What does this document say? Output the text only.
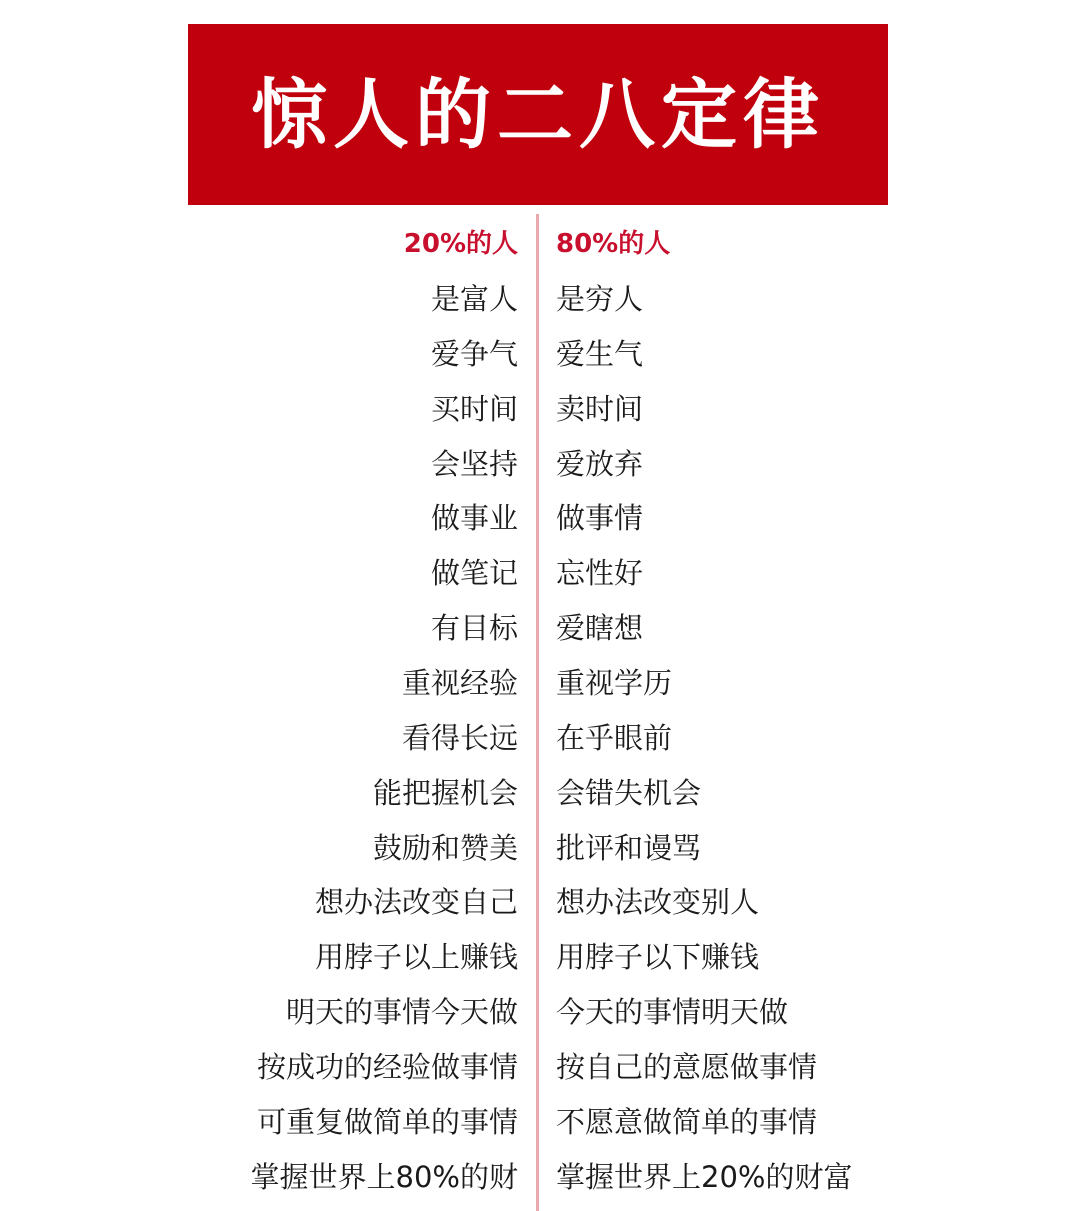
惊人的二八定律
20%的人 80%的人
是富人 是穷人
爱争气 爱生气
买时间 卖时间
会坚持 爱放弃
做事业 做事情
做笔记 忘性好
有目标 爱瞎想
重视经验 重视学历
看得长远 在乎眼前
能把握机会 会错失机会
鼓励和赞美 批评和谩骂
想办法改变自己 想办法改变别人
用脖子以上赚钱 用脖子以下赚钱
明天的事情今天做 今天的事情明天做
按成功的经验做事情 按自己的意愿做事情
可重复做简单的事情 不愿意做简单的事情
掌握世界上80%的财 掌握世界上20%的财富
